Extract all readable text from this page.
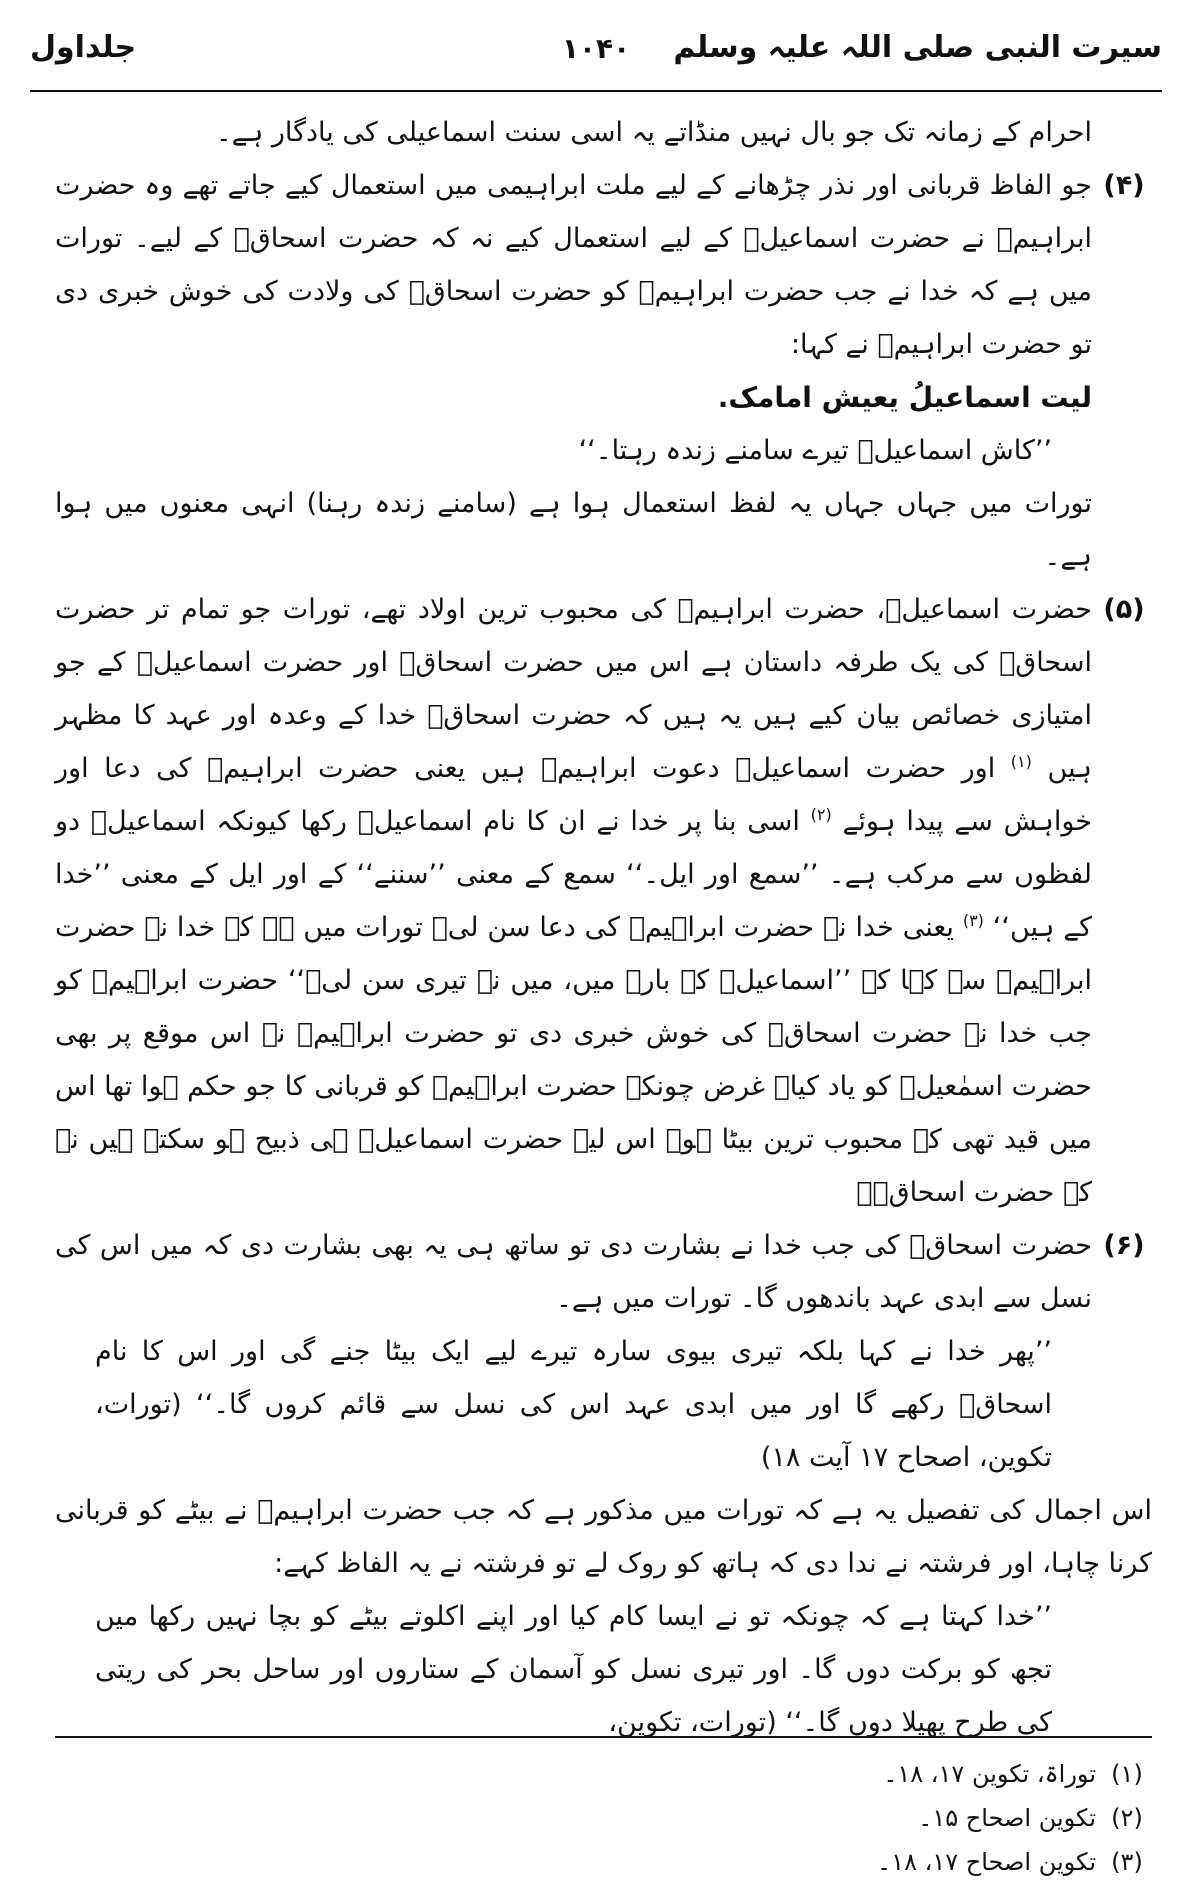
سیرت النبی صلی اللہ علیہ وسلم
۱۰۴۰
جلداول

احرام کے زمانہ تک جو بال نہیں منڈاتے یہ اسی سنت اسماعیلی کی یادگار ہے۔

(۴)

جو الفاظ قربانی اور نذر چڑھانے کے لیے ملت ابراہیمی میں استعمال کیے جاتے تھے وہ حضرت ابراہیمؑ نے حضرت اسماعیلؑ کے لیے استعمال کیے نہ کہ حضرت اسحاقؑ کے لیے۔ تورات میں ہے کہ خدا نے جب حضرت ابراہیمؑ کو حضرت اسحاقؑ کی ولادت کی خوش خبری دی تو حضرت ابراہیمؑ نے کہا:

لیت اسماعیلُ یعیش امامک.

’’کاش اسماعیلؑ تیرے سامنے زندہ رہتا۔‘‘

تورات میں جہاں جہاں یہ لفظ استعمال ہوا ہے (سامنے زندہ رہنا) انہی معنوں میں ہوا ہے۔

(۵)

حضرت اسماعیلؑ، حضرت ابراہیمؑ کی محبوب ترین اولاد تھے، تورات جو تمام تر حضرت اسحاقؑ کی یک طرفہ داستان ہے اس میں حضرت اسحاقؑ اور حضرت اسماعیلؑ کے جو امتیازی خصائص بیان کیے ہیں یہ ہیں کہ حضرت اسحاقؑ خدا کے وعدہ اور عہد کا مظہر ہیں $^{(۱)}$ اور حضرت اسماعیلؑ دعوت ابراہیمؑ ہیں یعنی حضرت ابراہیمؑ کی دعا اور خواہش سے پیدا ہوئے $^{(۲)}$ اسی بنا پر خدا نے ان کا نام اسماعیلؑ رکھا کیونکہ اسماعیلؑ دو لفظوں سے مرکب ہے۔ ’’سمع اور ایل۔‘‘ سمع کے معنی ’’سننے‘‘ کے اور ایل کے معنی ’’خدا کے ہیں‘‘ $^{(۳)}$ یعنی خدا نے حضرت ابراہیمؑ کی دعا سن لی۔ تورات میں ہے کہ خدا نے حضرت ابراہیمؑ سے کہا کہ ’’اسماعیلؑ کے بارے میں، میں نے تیری سن لی۔‘‘ حضرت ابراہیمؑ کو جب خدا نے حضرت اسحاقؑ کی خوش خبری دی تو حضرت ابراہیمؑ نے اس موقع پر بھی حضرت اسمٰعیلؑ کو یاد کیا۔ غرض چونکہ حضرت ابراہیمؑ کو قربانی کا جو حکم ہوا تھا اس میں قید تھی کہ محبوب ترین بیٹا ہو۔ اس لیے حضرت اسماعیلؑ ہی ذبیح ہو سکتے ہیں نہ کہ حضرت اسحاقؑ۔

(۶)

حضرت اسحاقؑ کی جب خدا نے بشارت دی تو ساتھ ہی یہ بھی بشارت دی کہ میں اس کی نسل سے ابدی عہد باندھوں گا۔ تورات میں ہے۔

’’پھر خدا نے کہا بلکہ تیری بیوی سارہ تیرے لیے ایک بیٹا جنے گی اور اس کا نام اسحاقؑ رکھے گا اور میں ابدی عہد اس کی نسل سے قائم کروں گا۔‘‘ (تورات، تکوین، اصحاح ۱۷ آیت ۱۸)

اس اجمال کی تفصیل یہ ہے کہ تورات میں مذکور ہے کہ جب حضرت ابراہیمؑ نے بیٹے کو قربانی کرنا چاہا، اور فرشتہ نے ندا دی کہ ہاتھ کو روک لے تو فرشتہ نے یہ الفاظ کہے:

’’خدا کہتا ہے کہ چونکہ تو نے ایسا کام کیا اور اپنے اکلوتے بیٹے کو بچا نہیں رکھا میں تجھ کو برکت دوں گا۔ اور تیری نسل کو آسمان کے ستاروں اور ساحل بحر کی ریتی کی طرح پھیلا دوں گا۔‘‘ (تورات، تکوین،

(۱)
توراۃ، تکوین ۱۷، ۱۸۔
(۲)
تکوین اصحاح ۱۵۔
(۳)
تکوین اصحاح ۱۷، ۱۸۔
